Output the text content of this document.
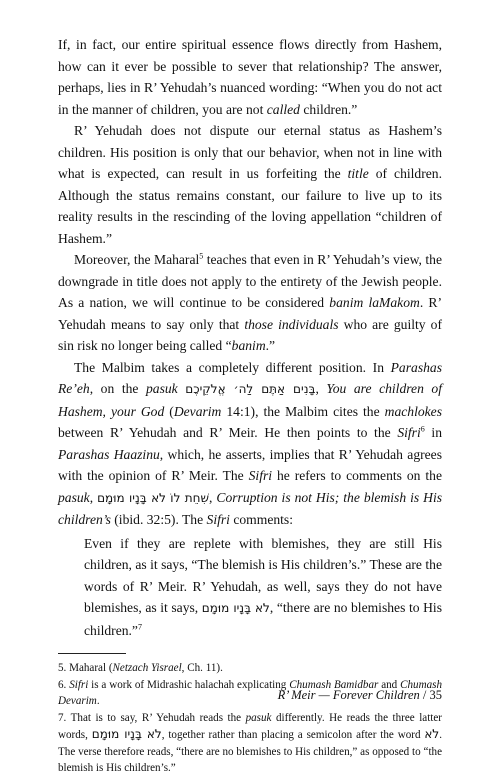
If, in fact, our entire spiritual essence flows directly from Hashem, how can it ever be possible to sever that relationship? The answer, perhaps, lies in R’ Yehudah’s nuanced wording: “When you do not act in the manner of children, you are not called children.”

R’ Yehudah does not dispute our eternal status as Hashem’s children. His position is only that our behavior, when not in line with what is expected, can result in us forfeiting the title of children. Although the status remains constant, our failure to live up to its reality results in the rescinding of the loving appellation “children of Hashem.”

Moreover, the Maharal$^5$ teaches that even in R’ Yehudah’s view, the downgrade in title does not apply to the entirety of the Jewish people. As a nation, we will continue to be considered banim laMakom. R’ Yehudah means to say only that those individuals who are guilty of sin risk no longer being called “banim.”

The Malbim takes a completely different position. In Parashas Re’eh, on the pasuk בָּנִים אַתֶּם לַה׳ אֱלֹקֵיכֶם, You are children of Hashem, your God (Devarim 14:1), the Malbim cites the machlokes between R’ Yehudah and R’ Meir. He then points to the Sifri$^6$ in Parashas Haazinu, which, he asserts, implies that R’ Yehudah agrees with the opinion of R’ Meir. The Sifri he refers to comments on the pasuk, שִׁחֵת לוֹ לֹא בָּנָיו מוּמָם, Corruption is not His; the blemish is His children’s (ibid. 32:5). The Sifri comments:

Even if they are replete with blemishes, they are still His children, as it says, “The blemish is His children’s.” These are the words of R’ Meir. R’ Yehudah, as well, says they do not have blemishes, as it says, לֹא בָּנָיו מוּמָם, “there are no blemishes to His children.”$^7$

5. Maharal (Netzach Yisrael, Ch. 11).

6. Sifri is a work of Midrashic halachah explicating Chumash Bamidbar and Chumash Devarim.

7. That is to say, R’ Yehudah reads the pasuk differently. He reads the three latter words, לֹא בָּנָיו מוּמָם, together rather than placing a semicolon after the word לֹא. The verse therefore reads, “there are no blemishes to His children,” as opposed to “the blemish is His children’s.”

R’ Meir — Forever Children / 35
